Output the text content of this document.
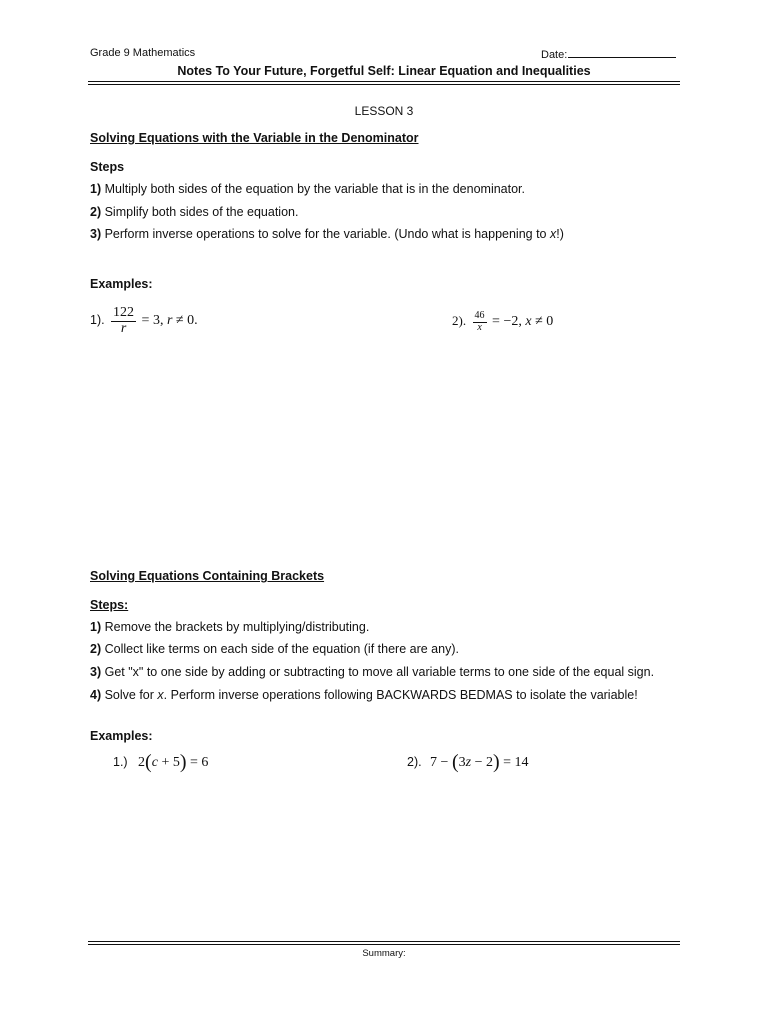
Grade 9 Mathematics	Date:
Notes To Your Future, Forgetful Self: Linear Equation and Inequalities
LESSON 3
Solving Equations with the Variable in the Denominator
Steps
1) Multiply both sides of the equation by the variable that is in the denominator.
2) Simplify both sides of the equation.
3) Perform inverse operations to solve for the variable. (Undo what is happening to x!)
Examples:
1). $\frac{122}{r} = 3$, r ≠ 0.	2). $\frac{46}{x} = -2$, x ≠ 0
Solving Equations Containing Brackets
Steps:
1) Remove the brackets by multiplying/distributing.
2) Collect like terms on each side of the equation (if there are any).
3) Get "x" to one side by adding or subtracting to move all variable terms to one side of the equal sign.
4) Solve for x. Perform inverse operations following BACKWARDS BEDMAS to isolate the variable!
Examples:
1.) 2(c + 5) = 6	2). 7 − (3z − 2) = 14
Summary:
